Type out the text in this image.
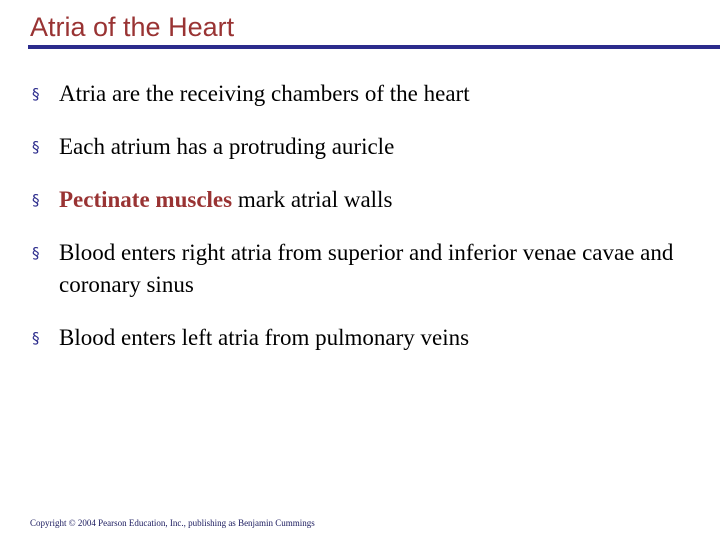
Atria of the Heart
§ Atria are the receiving chambers of the heart
§ Each atrium has a protruding auricle
§ Pectinate muscles mark atrial walls
§ Blood enters right atria from superior and inferior venae cavae and coronary sinus
§ Blood enters left atria from pulmonary veins
Copyright © 2004 Pearson Education, Inc., publishing as Benjamin Cummings
